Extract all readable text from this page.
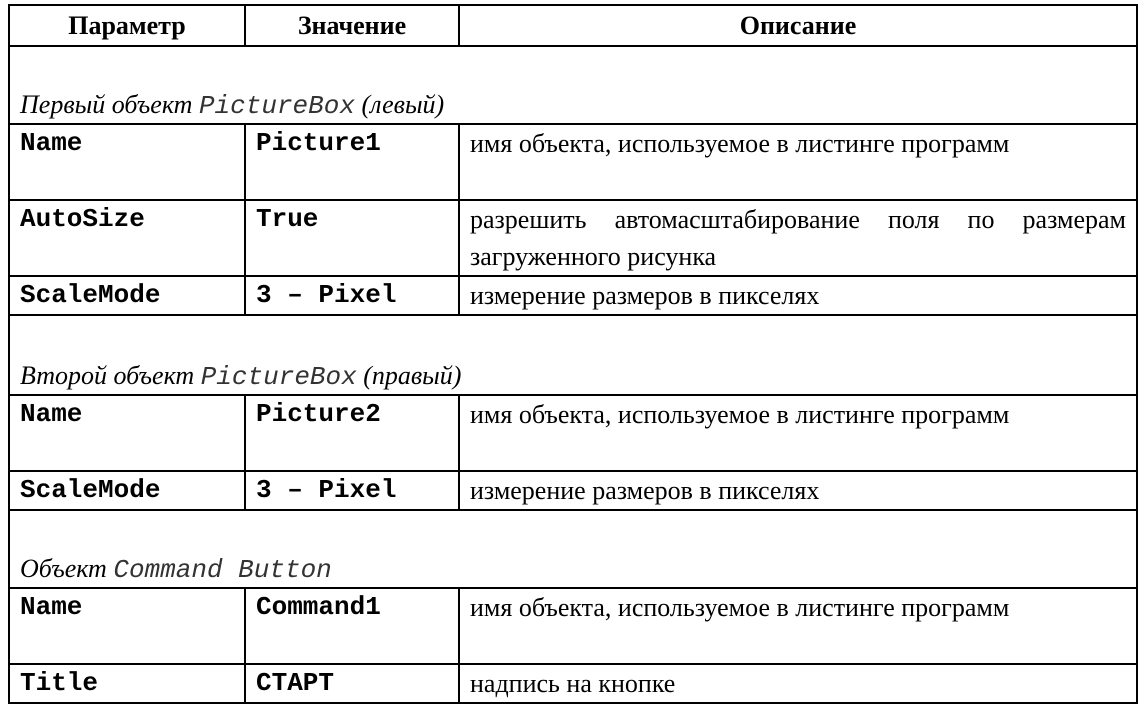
Параметр	Значение	Описание
Первый объект PictureBox (левый)		
Name	Picture1	имя объекта, используемое в листинге программ
AutoSize	True	разрешить автомасштабирование поля по размерам загруженного рисунка
ScaleMode	3 – Pixel	измерение размеров в пикселях
Второй объект PictureBox (правый)		
Name	Picture2	имя объекта, используемое в листинге программ
ScaleMode	3 – Pixel	измерение размеров в пикселях
Объект Command Button		
Name	Command1	имя объекта, используемое в листинге программ
Title	СТАРТ	надпись на кнопке
